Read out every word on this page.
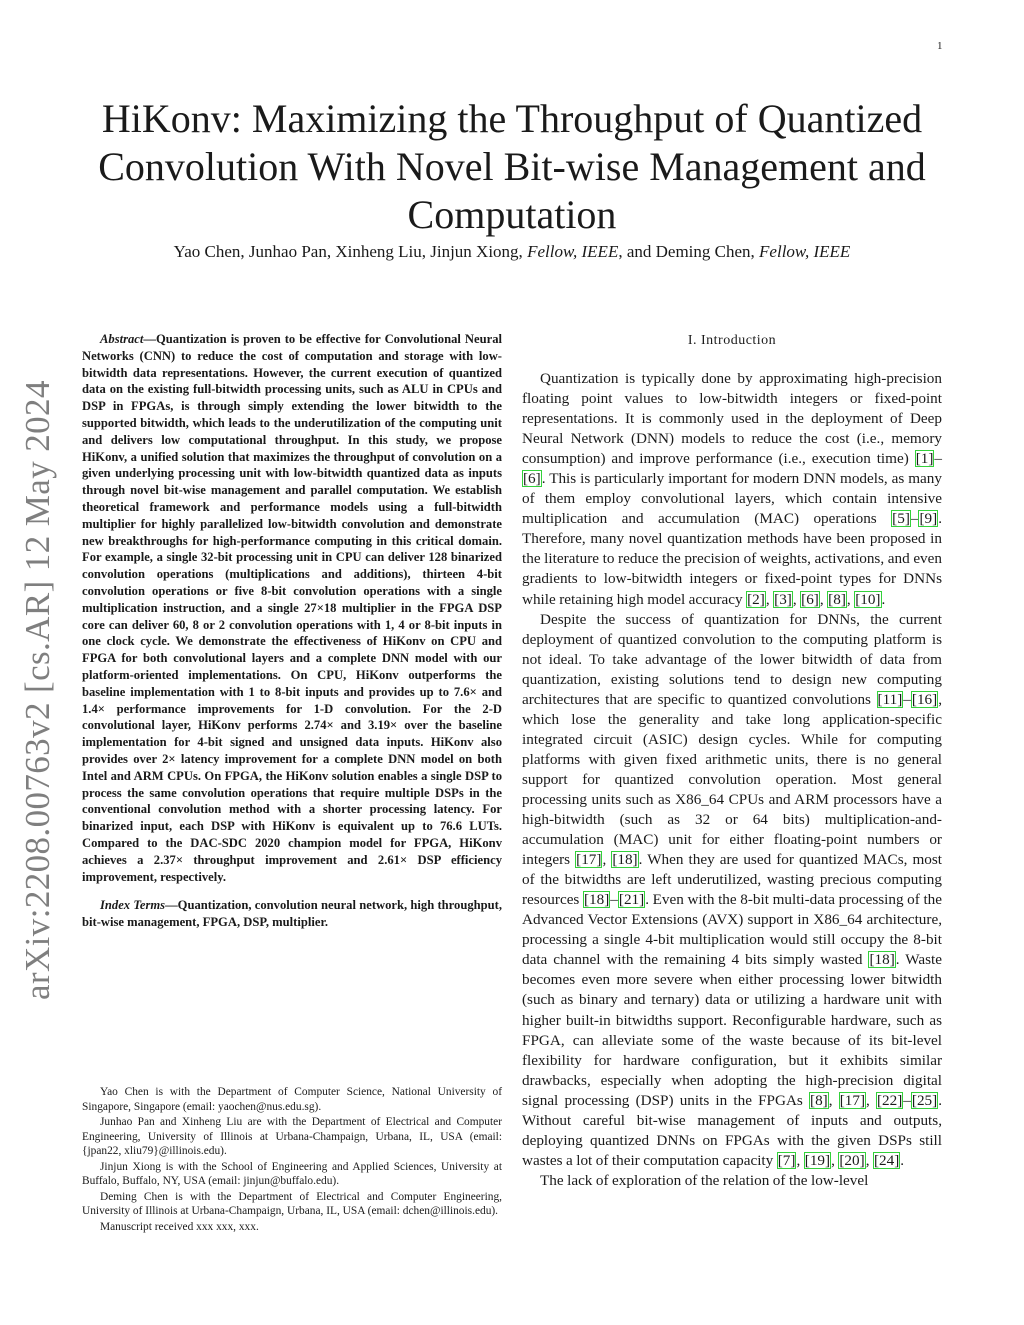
1
arXiv:2208.00763v2 [cs.AR] 12 May 2024
HiKonv: Maximizing the Throughput of Quantized Convolution With Novel Bit-wise Management and Computation

Yao Chen, Junhao Pan, Xinheng Liu, Jinjun Xiong, Fellow, IEEE, and Deming Chen, Fellow, IEEE

Abstract—Quantization is proven to be effective for Convolutional Neural Networks (CNN) to reduce the cost of computation and storage with low-bitwidth data representations. However, the current execution of quantized data on the existing full-bitwidth processing units, such as ALU in CPUs and DSP in FPGAs, is through simply extending the lower bitwidth to the supported bitwidth, which leads to the underutilization of the computing unit and delivers low computational throughput. In this study, we propose HiKonv, a unified solution that maximizes the throughput of convolution on a given underlying processing unit with low-bitwidth quantized data as inputs through novel bit-wise management and parallel computation. We establish theoretical framework and performance models using a full-bitwidth multiplier for highly parallelized low-bitwidth convolution and demonstrate new breakthroughs for high-performance computing in this critical domain. For example, a single 32-bit processing unit in CPU can deliver 128 binarized convolution operations (multiplications and additions), thirteen 4-bit convolution operations or five 8-bit convolution operations with a single multiplication instruction, and a single 27×18 multiplier in the FPGA DSP core can deliver 60, 8 or 2 convolution operations with 1, 4 or 8-bit inputs in one clock cycle. We demonstrate the effectiveness of HiKonv on CPU and FPGA for both convolutional layers and a complete DNN model with our platform-oriented implementations. On CPU, HiKonv outperforms the baseline implementation with 1 to 8-bit inputs and provides up to 7.6× and 1.4× performance improvements for 1-D convolution. For the 2-D convolutional layer, HiKonv performs 2.74× and 3.19× over the baseline implementation for 4-bit signed and unsigned data inputs. HiKonv also provides over 2× latency improvement for a complete DNN model on both Intel and ARM CPUs. On FPGA, the HiKonv solution enables a single DSP to process the same convolution operations that require multiple DSPs in the conventional convolution method with a shorter processing latency. For binarized input, each DSP with HiKonv is equivalent up to 76.6 LUTs. Compared to the DAC-SDC 2020 champion model for FPGA, HiKonv achieves a 2.37× throughput improvement and 2.61× DSP efficiency improvement, respectively.

Index Terms—Quantization, convolution neural network, high throughput, bit-wise management, FPGA, DSP, multiplier.

Yao Chen is with the Department of Computer Science, National University of Singapore, Singapore (email: yaochen@nus.edu.sg).

Junhao Pan and Xinheng Liu are with the Department of Electrical and Computer Engineering, University of Illinois at Urbana-Champaign, Urbana, IL, USA (email: {jpan22, xliu79}@illinois.edu).

Jinjun Xiong is with the School of Engineering and Applied Sciences, University at Buffalo, Buffalo, NY, USA (email: jinjun@buffalo.edu).

Deming Chen is with the Department of Electrical and Computer Engineering, University of Illinois at Urbana-Champaign, Urbana, IL, USA (email: dchen@illinois.edu).

Manuscript received xxx xxx, xxx.

I. Introduction

Quantization is typically done by approximating high-precision floating point values to low-bitwidth integers or fixed-point representations. It is commonly used in the deployment of Deep Neural Network (DNN) models to reduce the cost (i.e., memory consumption) and improve performance (i.e., execution time) [1]–[6]. This is particularly important for modern DNN models, as many of them employ convolutional layers, which contain intensive multiplication and accumulation (MAC) operations [5]–[9]. Therefore, many novel quantization methods have been proposed in the literature to reduce the precision of weights, activations, and even gradients to low-bitwidth integers or fixed-point types for DNNs while retaining high model accuracy [2], [3], [6], [8], [10].

Despite the success of quantization for DNNs, the current deployment of quantized convolution to the computing platform is not ideal. To take advantage of the lower bitwidth of data from quantization, existing solutions tend to design new computing architectures that are specific to quantized convolutions [11]–[16], which lose the generality and take long application-specific integrated circuit (ASIC) design cycles. While for computing platforms with given fixed arithmetic units, there is no general support for quantized convolution operation. Most general processing units such as X86_64 CPUs and ARM processors have a high-bitwidth (such as 32 or 64 bits) multiplication-and-accumulation (MAC) unit for either floating-point numbers or integers [17], [18]. When they are used for quantized MACs, most of the bitwidths are left underutilized, wasting precious computing resources [18]–[21]. Even with the 8-bit multi-data processing of the Advanced Vector Extensions (AVX) support in X86_64 architecture, processing a single 4-bit multiplication would still occupy the 8-bit data channel with the remaining 4 bits simply wasted [18]. Waste becomes even more severe when either processing lower bitwidth (such as binary and ternary) data or utilizing a hardware unit with higher built-in bitwidths support. Reconfigurable hardware, such as FPGA, can alleviate some of the waste because of its bit-level flexibility for hardware configuration, but it exhibits similar drawbacks, especially when adopting the high-precision digital signal processing (DSP) units in the FPGAs [8], [17], [22]–[25]. Without careful bit-wise management of inputs and outputs, deploying quantized DNNs on FPGAs with the given DSPs still wastes a lot of their computation capacity [7], [19], [20], [24].

The lack of exploration of the relation of the low-level
